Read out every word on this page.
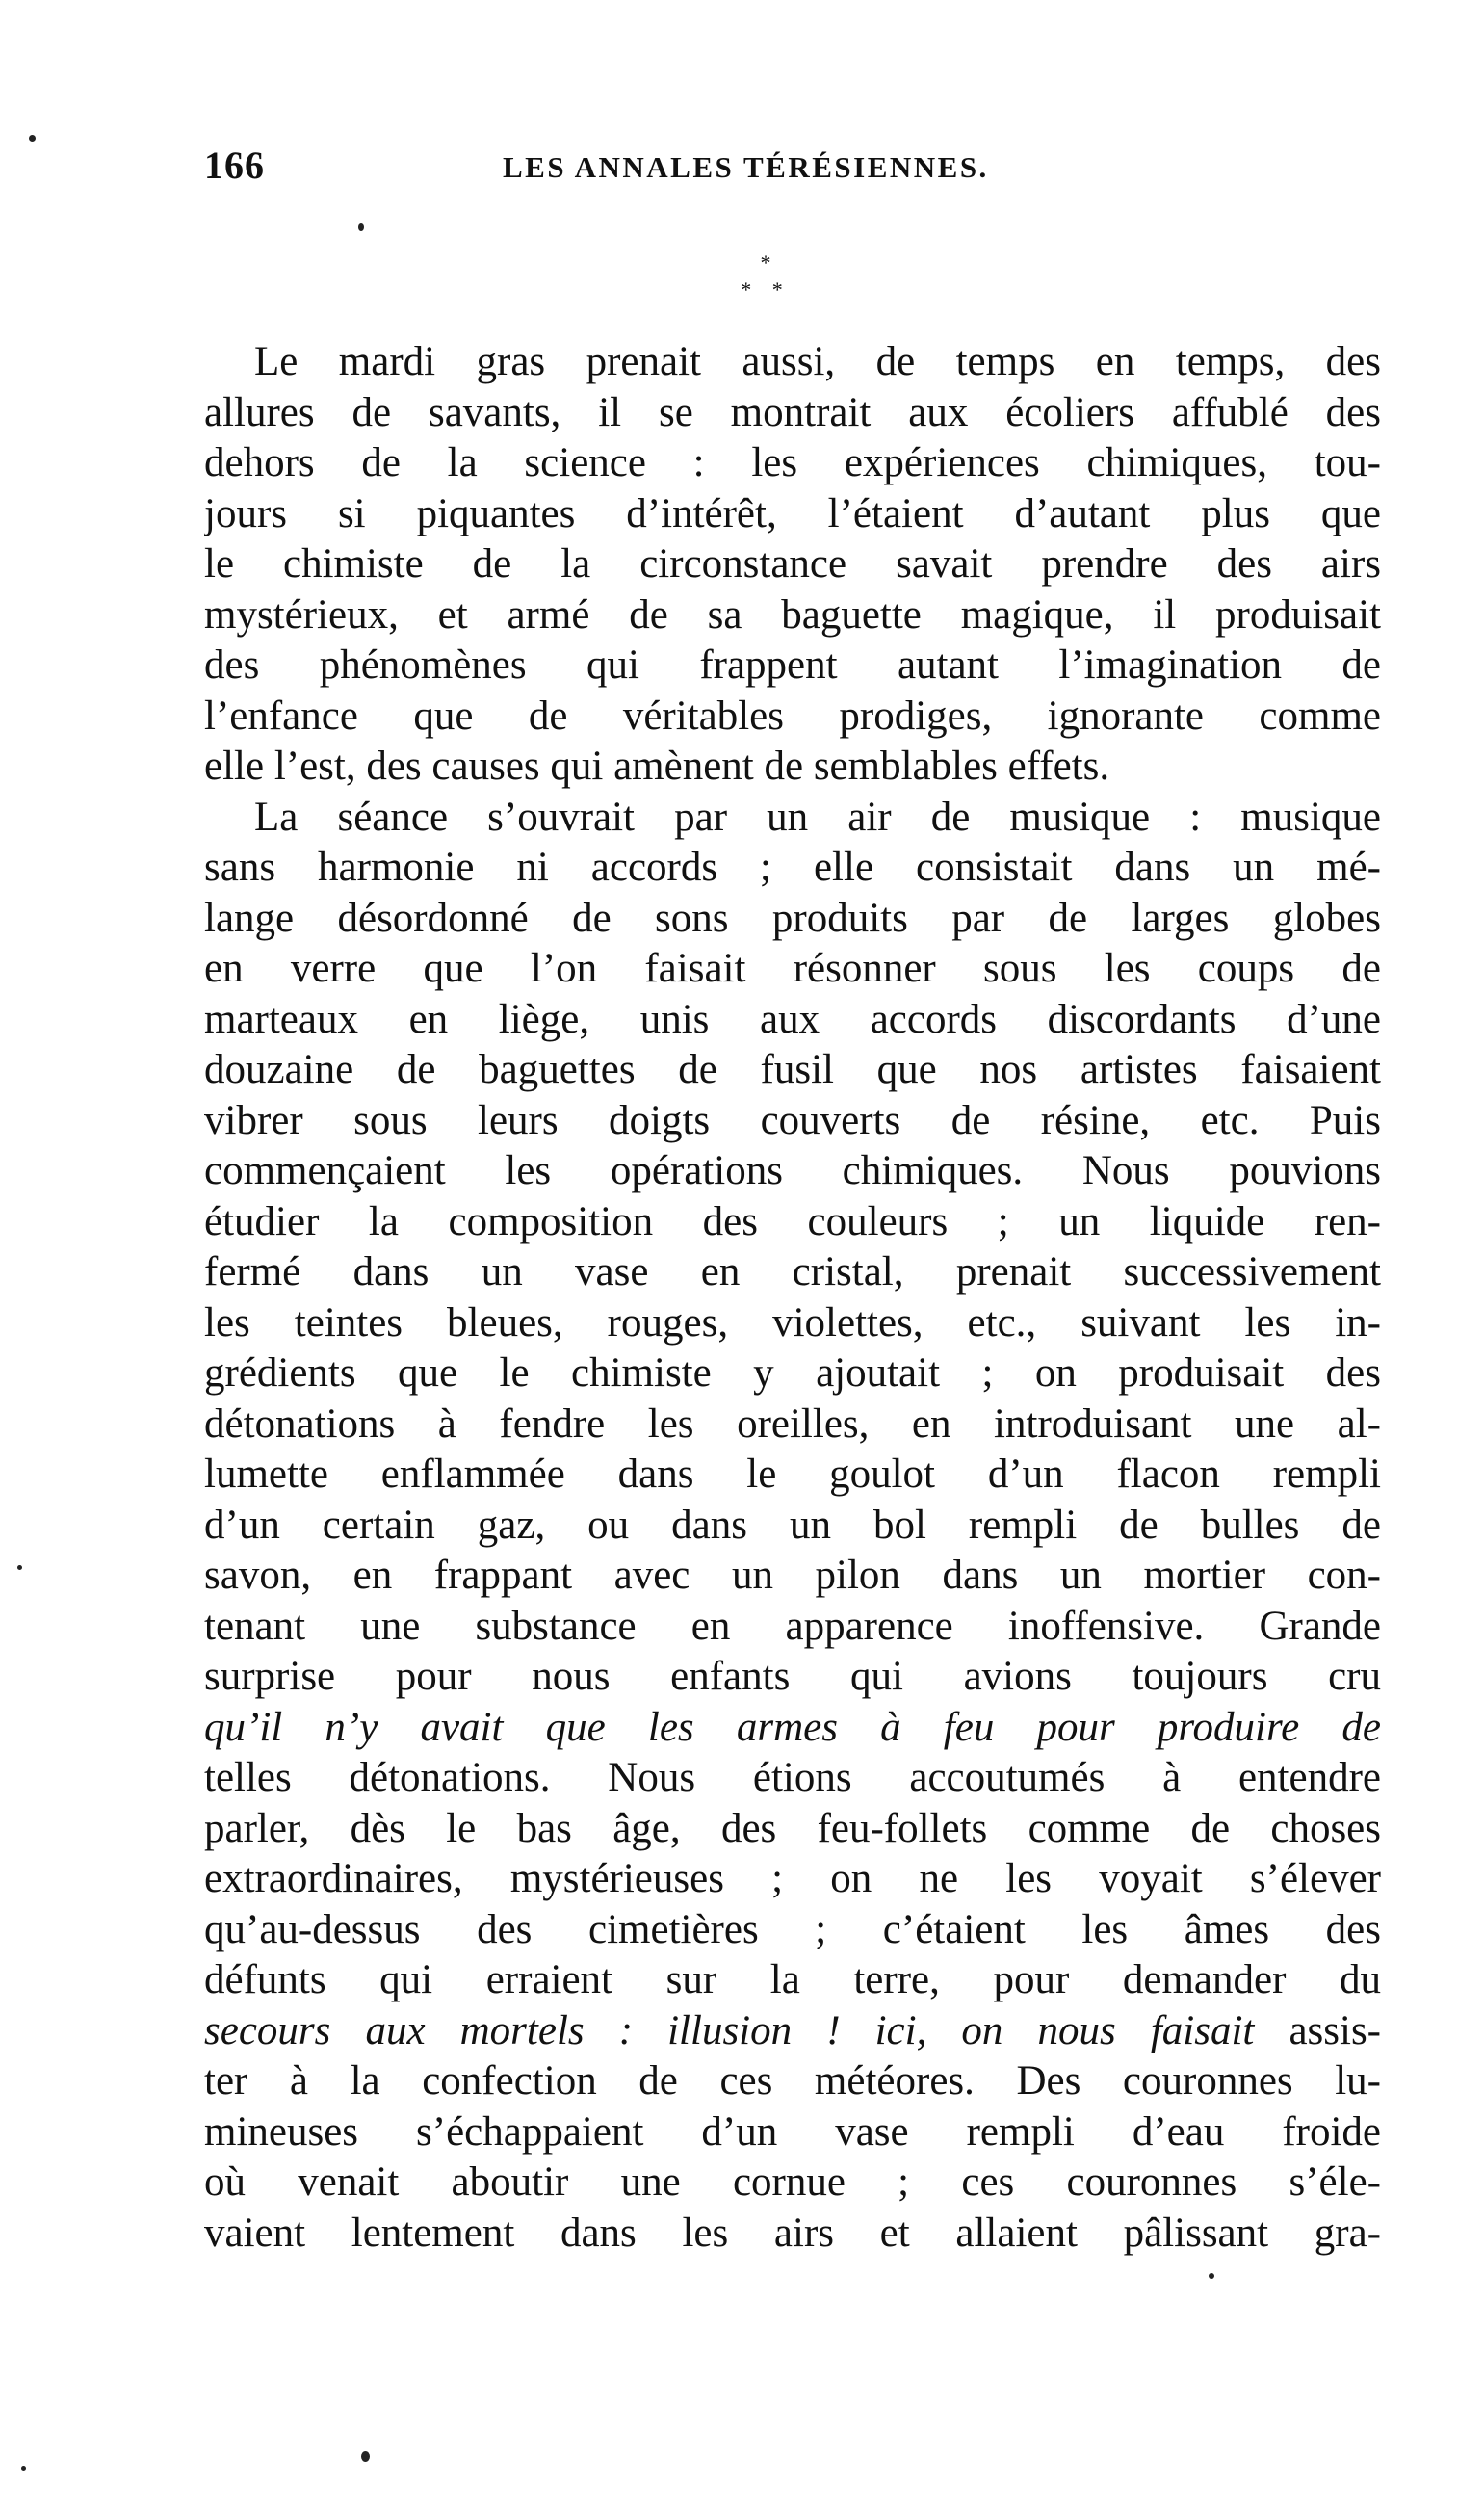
166	LES ANNALES TÉRÉSIENNES.
*
* *
Le mardi gras prenait aussi, de temps en temps, des
allures de savants, il se montrait aux écoliers affublé des
dehors de la science : les expériences chimiques, tou-
jours si piquantes d’intérêt, l’étaient d’autant plus que
le chimiste de la circonstance savait prendre des airs
mystérieux, et armé de sa baguette magique, il produisait
des phénomènes qui frappent autant l’imagination de
l’enfance que de véritables prodiges, ignorante comme
elle l’est, des causes qui amènent de semblables effets.
La séance s’ouvrait par un air de musique : musique
sans harmonie ni accords ; elle consistait dans un mé-
lange désordonné de sons produits par de larges globes
en verre que l’on faisait résonner sous les coups de
marteaux en liège, unis aux accords discordants d’une
douzaine de baguettes de fusil que nos artistes faisaient
vibrer sous leurs doigts couverts de résine, etc. Puis
commençaient les opérations chimiques. Nous pouvions
étudier la composition des couleurs ; un liquide ren-
fermé dans un vase en cristal, prenait successivement
les teintes bleues, rouges, violettes, etc., suivant les in-
grédients que le chimiste y ajoutait ; on produisait des
détonations à fendre les oreilles, en introduisant une al-
lumette enflammée dans le goulot d’un flacon rempli
d’un certain gaz, ou dans un bol rempli de bulles de
savon, en frappant avec un pilon dans un mortier con-
tenant une substance en apparence inoffensive. Grande
surprise pour nous enfants qui avions toujours cru
qu’il n’y avait que les armes à feu pour produire de
telles détonations. Nous étions accoutumés à entendre
parler, dès le bas âge, des feu-follets comme de choses
extraordinaires, mystérieuses ; on ne les voyait s’élever
qu’au-dessus des cimetières ; c’étaient les âmes des
défunts qui erraient sur la terre, pour demander du
secours aux mortels : illusion ! ici, on nous faisait assis-
ter à la confection de ces météores. Des couronnes lu-
mineuses s’échappaient d’un vase rempli d’eau froide
où venait aboutir une cornue ; ces couronnes s’éle-
vaient lentement dans les airs et allaient pâlissant gra-
